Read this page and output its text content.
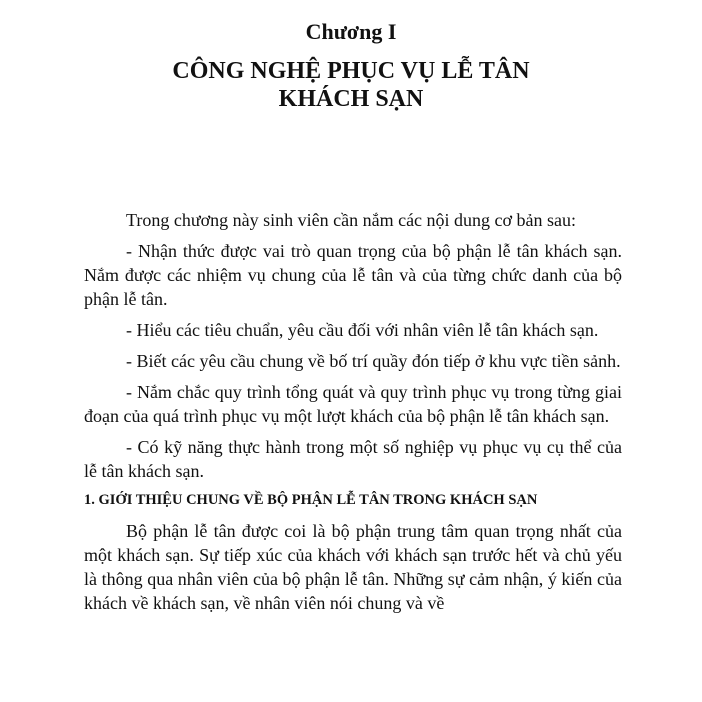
Chương I
CÔNG NGHỆ PHỤC VỤ LỄ TÂN
KHÁCH SẠN

Trong chương này sinh viên cần nắm các nội dung cơ bản sau:

- Nhận thức được vai trò quan trọng của bộ phận lễ tân khách sạn. Nắm được các nhiệm vụ chung của lễ tân và của từng chức danh của bộ phận lễ tân.

- Hiểu các tiêu chuẩn, yêu cầu đối với nhân viên lễ tân khách sạn.

- Biết các yêu cầu chung về bố trí quầy đón tiếp ở khu vực tiền sảnh.

- Nắm chắc quy trình tổng quát và quy trình phục vụ trong từng giai đoạn của quá trình phục vụ một lượt khách của bộ phận lễ tân khách sạn.

- Có kỹ năng thực hành trong một số nghiệp vụ phục vụ cụ thể của lễ tân khách sạn.

1. GIỚI THIỆU CHUNG VỀ BỘ PHẬN LỄ TÂN TRONG KHÁCH SẠN

Bộ phận lễ tân được coi là bộ phận trung tâm quan trọng nhất của một khách sạn. Sự tiếp xúc của khách với khách sạn trước hết và chủ yếu là thông qua nhân viên của bộ phận lễ tân. Những sự cảm nhận, ý kiến của khách về khách sạn, về nhân viên nói chung và về
